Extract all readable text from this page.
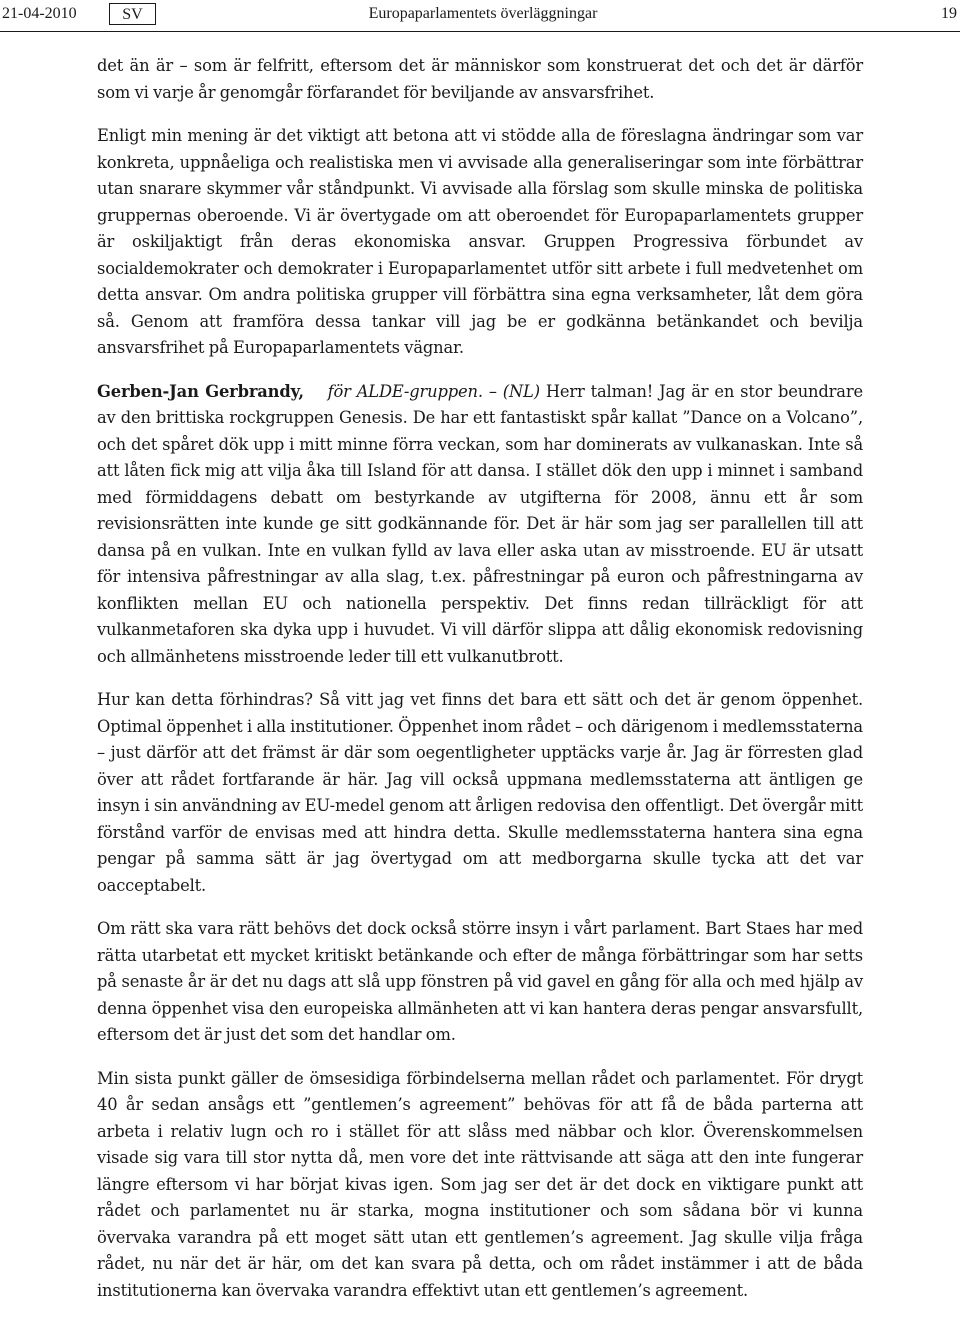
21-04-2010	SV	Europaparlamentets överläggningar	19

det än är – som är felfritt, eftersom det är människor som konstruerat det och det är därför som vi varje år genomgår förfarandet för beviljande av ansvarsfrihet.

Enligt min mening är det viktigt att betona att vi stödde alla de föreslagna ändringar som var konkreta, uppnåeliga och realistiska men vi avvisade alla generaliseringar som inte förbättrar utan snarare skymmer vår ståndpunkt. Vi avvisade alla förslag som skulle minska de politiska gruppernas oberoende. Vi är övertygade om att oberoendet för Europaparlamentets grupper är oskiljaktigt från deras ekonomiska ansvar. Gruppen Progressiva förbundet av socialdemokrater och demokrater i Europaparlamentet utför sitt arbete i full medvetenhet om detta ansvar. Om andra politiska grupper vill förbättra sina egna verksamheter, låt dem göra så. Genom att framföra dessa tankar vill jag be er godkänna betänkandet och bevilja ansvarsfrihet på Europaparlamentets vägnar.

Gerben-Jan Gerbrandy, för ALDE-gruppen. – (NL) Herr talman! Jag är en stor beundrare av den brittiska rockgruppen Genesis. De har ett fantastiskt spår kallat ”Dance on a Volcano”, och det spåret dök upp i mitt minne förra veckan, som har dominerats av vulkanaskan. Inte så att låten fick mig att vilja åka till Island för att dansa. I stället dök den upp i minnet i samband med förmiddagens debatt om bestyrkande av utgifterna för 2008, ännu ett år som revisionsrätten inte kunde ge sitt godkännande för. Det är här som jag ser parallellen till att dansa på en vulkan. Inte en vulkan fylld av lava eller aska utan av misstroende. EU är utsatt för intensiva påfrestningar av alla slag, t.ex. påfrestningar på euron och påfrestningarna av konflikten mellan EU och nationella perspektiv. Det finns redan tillräckligt för att vulkanmetaforen ska dyka upp i huvudet. Vi vill därför slippa att dålig ekonomisk redovisning och allmänhetens misstroende leder till ett vulkanutbrott.

Hur kan detta förhindras? Så vitt jag vet finns det bara ett sätt och det är genom öppenhet. Optimal öppenhet i alla institutioner. Öppenhet inom rådet – och därigenom i medlemsstaterna – just därför att det främst är där som oegentligheter upptäcks varje år. Jag är förresten glad över att rådet fortfarande är här. Jag vill också uppmana medlemsstaterna att äntligen ge insyn i sin användning av EU-medel genom att årligen redovisa den offentligt. Det övergår mitt förstånd varför de envisas med att hindra detta. Skulle medlemsstaterna hantera sina egna pengar på samma sätt är jag övertygad om att medborgarna skulle tycka att det var oacceptabelt.

Om rätt ska vara rätt behövs det dock också större insyn i vårt parlament. Bart Staes har med rätta utarbetat ett mycket kritiskt betänkande och efter de många förbättringar som har setts på senaste år är det nu dags att slå upp fönstren på vid gavel en gång för alla och med hjälp av denna öppenhet visa den europeiska allmänheten att vi kan hantera deras pengar ansvarsfullt, eftersom det är just det som det handlar om.

Min sista punkt gäller de ömsesidiga förbindelserna mellan rådet och parlamentet. För drygt 40 år sedan ansågs ett ”gentlemen’s agreement” behövas för att få de båda parterna att arbeta i relativ lugn och ro i stället för att slåss med näbbar och klor. Överenskommelsen visade sig vara till stor nytta då, men vore det inte rättvisande att säga att den inte fungerar längre eftersom vi har börjat kivas igen. Som jag ser det är det dock en viktigare punkt att rådet och parlamentet nu är starka, mogna institutioner och som sådana bör vi kunna övervaka varandra på ett moget sätt utan ett gentlemen’s agreement. Jag skulle vilja fråga rådet, nu när det är här, om det kan svara på detta, och om rådet instämmer i att de båda institutionerna kan övervaka varandra effektivt utan ett gentlemen’s agreement.
